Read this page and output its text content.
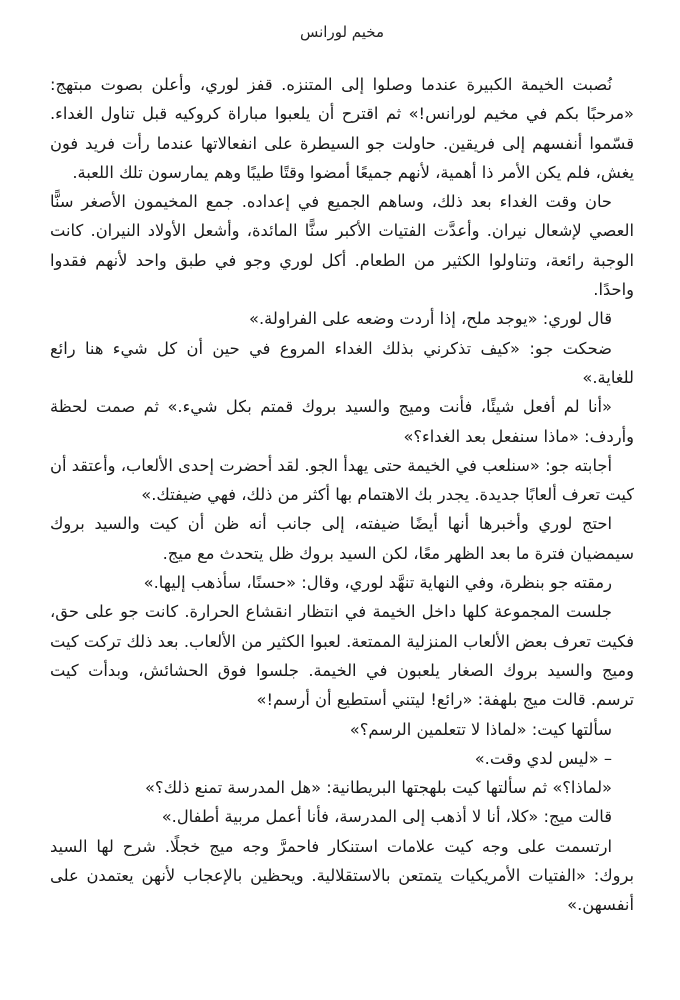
مخيم لورانس

نُصبت الخيمة الكبيرة عندما وصلوا إلى المتنزه. قفز لوري، وأعلن بصوت مبتهج: «مرحبًا بكم في مخيم لورانس!» ثم اقترح أن يلعبوا مباراة كروكيه قبل تناول الغداء. قسّموا أنفسهم إلى فريقين. حاولت جو السيطرة على انفعالاتها عندما رأت فريد فون يغش، فلم يكن الأمر ذا أهمية، لأنهم جميعًا أمضوا وقتًا طيبًا وهم يمارسون تلك اللعبة.

حان وقت الغداء بعد ذلك، وساهم الجميع في إعداده. جمع المخيمون الأصغر سنًّا العصي لإشعال نيران. وأعدَّت الفتيات الأكبر سنًّا المائدة، وأشعل الأولاد النيران. كانت الوجبة رائعة، وتناولوا الكثير من الطعام. أكل لوري وجو في طبق واحد لأنهم فقدوا واحدًا.

قال لوري: «يوجد ملح، إذا أردت وضعه على الفراولة.»

ضحكت جو: «كيف تذكرني بذلك الغداء المروع في حين أن كل شيء هنا رائع للغاية.»

«أنا لم أفعل شيئًا، فأنت وميج والسيد بروك قمتم بكل شيء.» ثم صمت لحظة وأردف: «ماذا سنفعل بعد الغداء؟»

أجابته جو: «سنلعب في الخيمة حتى يهدأ الجو. لقد أحضرت إحدى الألعاب، وأعتقد أن كيت تعرف ألعابًا جديدة. يجدر بك الاهتمام بها أكثر من ذلك، فهي ضيفتك.»

احتج لوري وأخبرها أنها أيضًا ضيفته، إلى جانب أنه ظن أن كيت والسيد بروك سيمضيان فترة ما بعد الظهر معًا، لكن السيد بروك ظل يتحدث مع ميج.

رمقته جو بنظرة، وفي النهاية تنهَّد لوري، وقال: «حسنًا، سأذهب إليها.»

جلست المجموعة كلها داخل الخيمة في انتظار انقشاع الحرارة. كانت جو على حق، فكيت تعرف بعض الألعاب المنزلية الممتعة. لعبوا الكثير من الألعاب. بعد ذلك تركت كيت وميج والسيد بروك الصغار يلعبون في الخيمة. جلسوا فوق الحشائش، وبدأت كيت ترسم. قالت ميج بلهفة: «رائع! ليتني أستطيع أن أرسم!»

سألتها كيت: «لماذا لا تتعلمين الرسم؟»

– «ليس لدي وقت.»

«لماذا؟» ثم سألتها كيت بلهجتها البريطانية: «هل المدرسة تمنع ذلك؟»

قالت ميج: «كلا، أنا لا أذهب إلى المدرسة، فأنا أعمل مربية أطفال.»

ارتسمت على وجه كيت علامات استنكار فاحمرَّ وجه ميج خجلًا. شرح لها السيد بروك: «الفتيات الأمريكيات يتمتعن بالاستقلالية. ويحظين بالإعجاب لأنهن يعتمدن على أنفسهن.»
